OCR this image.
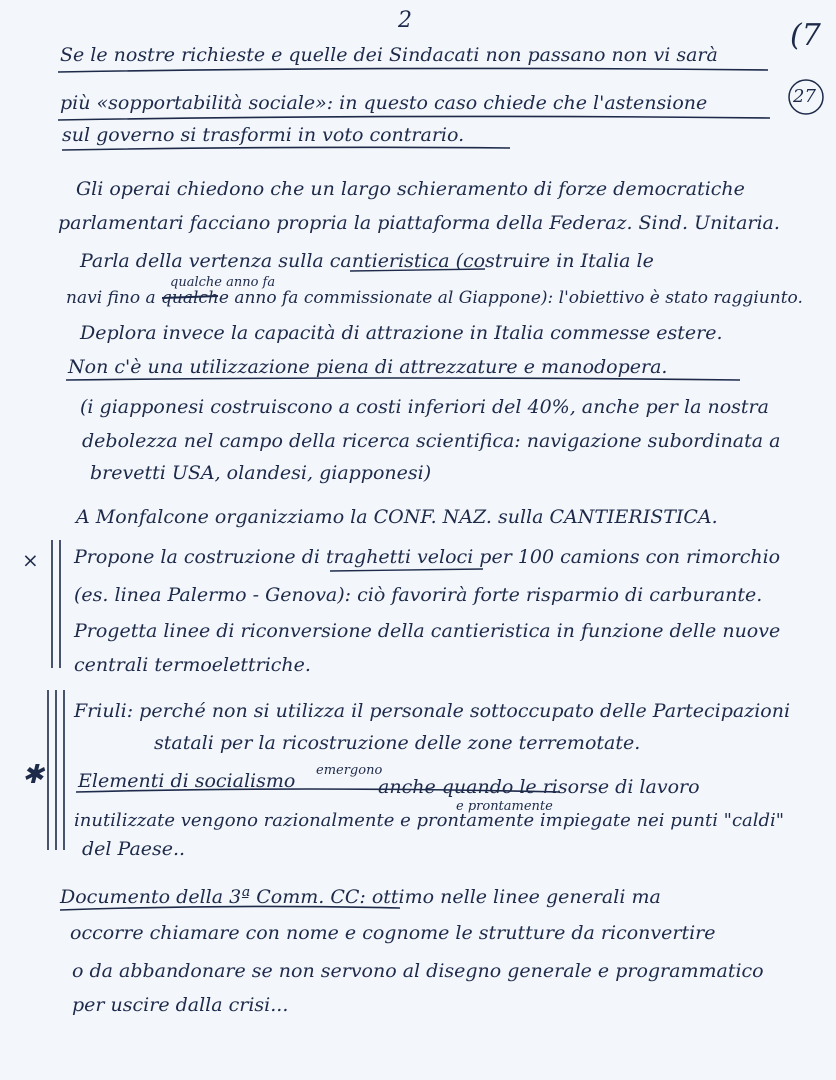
2	(7
27
×
✱
Se le nostre richieste e quelle dei Sindacati non passano non vi sarà
più «sopportabilità sociale»: in questo caso chiede che l'astensione
sul governo si trasformi in voto contrario.
Gli operai chiedono che un largo schieramento di forze democratiche
parlamentari facciano propria la piattaforma della Federaz. Sind. Unitaria.
Parla della vertenza sulla cantieristica (costruire in Italia le
qualche anno fa
navi fino a qualche anno fa commissionate al Giappone): l'obiettivo è stato raggiunto.
Deplora invece la capacità di attrazione in Italia commesse estere.
Non c'è una utilizzazione piena di attrezzature e manodopera.
(i giapponesi costruiscono a costi inferiori del 40%, anche per la nostra
debolezza nel campo della ricerca scientifica: navigazione subordinata a
brevetti USA, olandesi, giapponesi)
A Monfalcone organizziamo la CONF. NAZ. sulla CANTIERISTICA.
Propone la costruzione di traghetti veloci per 100 camions con rimorchio
(es. linea Palermo - Genova): ciò favorirà forte risparmio di carburante.
Progetta linee di riconversione della cantieristica in funzione delle nuove
centrali termoelettriche.
Friuli: perché non si utilizza il personale sottoccupato delle Partecipazioni
statali per la ricostruzione delle zone terremotate.
Elementi di socialismo emergono
anche quando le risorse di lavoro
e prontamente
inutilizzate vengono razionalmente e prontamente impiegate nei punti "caldi"
del Paese..
Documento della 3ª Comm. CC: ottimo nelle linee generali ma
occorre chiamare con nome e cognome le strutture da riconvertire
o da abbandonare se non servono al disegno generale e programmatico
per uscire dalla crisi...
